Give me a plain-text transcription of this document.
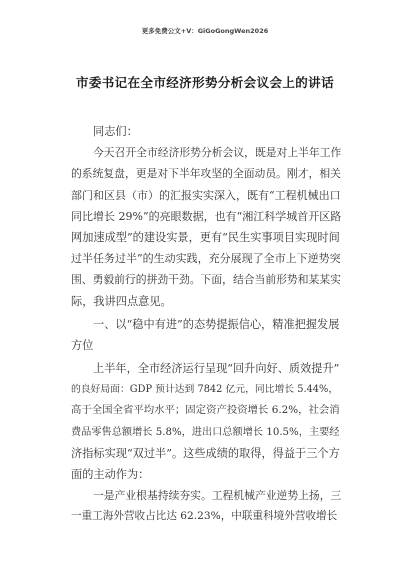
更多免费公文+V：GiGoGongWen2026
市委书记在全市经济形势分析会议会上的讲话
同志们：
今天召开全市经济形势分析会议，既是对上半年工作
的系统复盘，更是对下半年攻坚的全面动员。刚才，相关
部门和区县（市）的汇报实实深入，既有“工程机械出口
同比增长 29%”的亮眼数据，也有“湘江科学城首开区路
网加速成型”的建设实景，更有“民生实事项目实现时间
过半任务过半”的生动实践，充分展现了全市上下逆势突
围、勇毅前行的拼劲干劲。下面，结合当前形势和某某实
际，我讲四点意见。
一、以“稳中有进”的态势提振信心，精准把握发展
方位
上半年，全市经济运行呈现“回升向好、质效提升”
的良好局面：GDP 预计达到 7842 亿元，同比增长 5.44%，
高于全国全省平均水平；固定资产投资增长 6.2%，社会消
费品零售总额增长 5.8%，进出口总额增长 10.5%，主要经
济指标实现“双过半”。这些成绩的取得，得益于三个方
面的主动作为：
一是产业根基持续夯实。工程机械产业逆势上扬，三
一重工海外营收占比达 62.23%，中联重科境外营收增长
